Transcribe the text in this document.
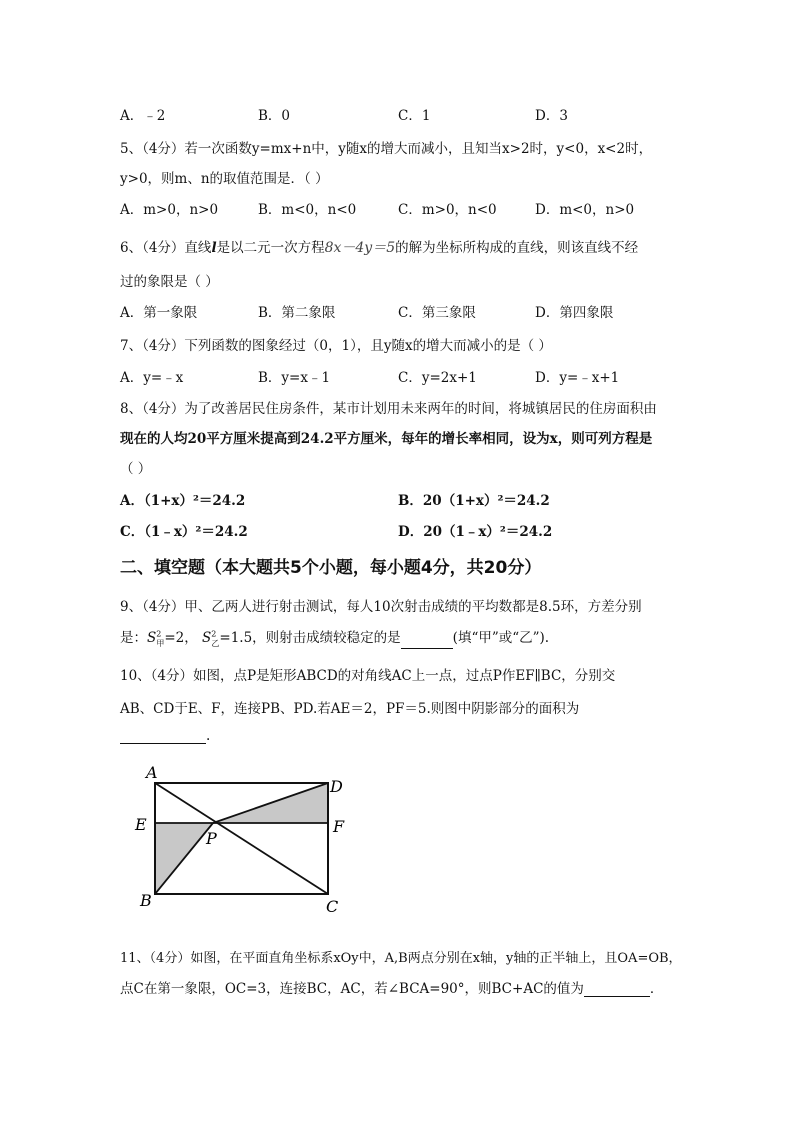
A．﹣2	B．0	C．1	D．3
5、（4分）若一次函数y=mx+n中，y随x的增大而减小，且知当x>2时，y<0，x<2时，
y>0，则m、n的取值范围是．（ ）
A．m>0，n>0	B．m<0，n<0	C．m>0，n<0	D．m<0，n>0
6、（4分）直线l是以二元一次方程8x－4y＝5的解为坐标所构成的直线，则该直线不经
过的象限是（ ）
A．第一象限	B．第二象限	C．第三象限	D．第四象限
7、（4分）下列函数的图象经过（0，1），且y随x的增大而减小的是（ ）
A．y=﹣x	B．y=x﹣1	C．y=2x+1	D．y=﹣x+1
8、（4分）为了改善居民住房条件，某市计划用未来两年的时间，将城镇居民的住房面积由
现在的人均20平方厘米提高到24.2平方厘米，每年的增长率相同，设为x，则可列方程是
（ ）
A．（1+x）²＝24.2	B．20（1+x）²＝24.2
C．（1﹣x）²＝24.2	D．20（1﹣x）²＝24.2
二、填空题（本大题共5个小题，每小题4分，共20分）
9、（4分）甲、乙两人进行射击测试，每人10次射击成绩的平均数都是8.5环，方差分别
是：$S^2_甲=2$， $S^2_乙=1.5$，则射击成绩较稳定的是	(填“甲”或“乙”).
10、（4分）如图，点P是矩形ABCD的对角线AC上一点，过点P作EF∥BC，分别交
AB、CD于E、F，连接PB、PD.若AE＝2，PF＝5.则图中阴影部分的面积为
.
A
D
E	F
P
B	C
11、（4分）如图，在平面直角坐标系xOy中，A,B两点分别在x轴，y轴的正半轴上，且OA=OB，
点C在第一象限，OC=3，连接BC，AC，若∠BCA=90°，则BC+AC的值为	．
